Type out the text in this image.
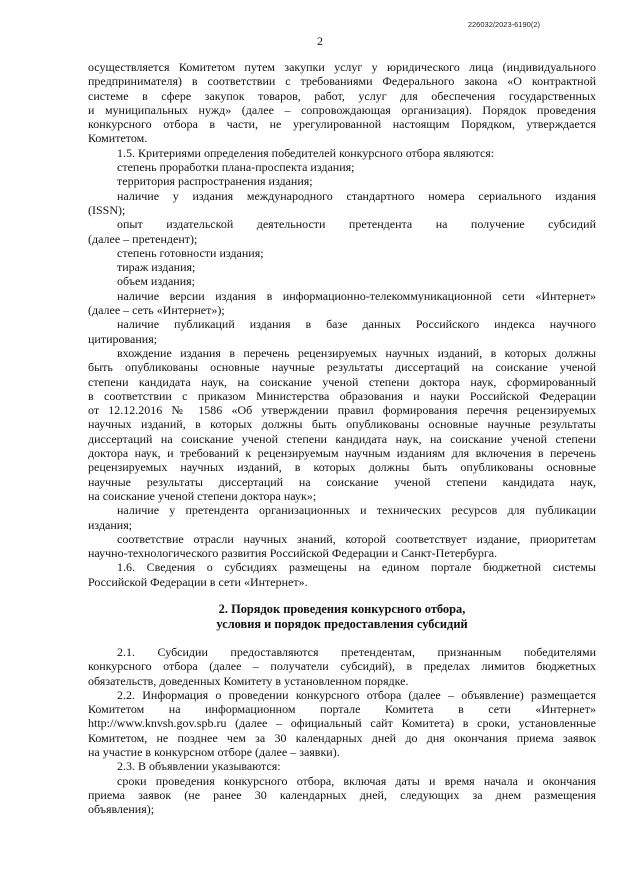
226032/2023-6190(2)
2

осуществляется Комитетом путем закупки услуг у юридического лица (индивидуального

предпринимателя) в соответствии с требованиями Федерального закона «О контрактной

системе в сфере закупок товаров, работ, услуг для обеспечения государственных

и муниципальных нужд» (далее – сопровождающая организация). Порядок проведения

конкурсного отбора в части, не урегулированной настоящим Порядком, утверждается

Комитетом.

1.5. Критериями определения победителей конкурсного отбора являются:

степень проработки плана-проспекта издания;

территория распространения издания;

наличие у издания международного стандартного номера сериального издания

(ISSN);

опыт издательской деятельности претендента на получение субсидий

(далее – претендент);

степень готовности издания;

тираж издания;

объем издания;

наличие версии издания в информационно-телекоммуникационной сети «Интернет»

(далее – сеть «Интернет»);

наличие публикаций издания в базе данных Российского индекса научного

цитирования;

вхождение издания в перечень рецензируемых научных изданий, в которых должны

быть опубликованы основные научные результаты диссертаций на соискание ученой

степени кандидата наук, на соискание ученой степени доктора наук, сформированный

в соответствии с приказом Министерства образования и науки Российской Федерации

от 12.12.2016 № 1586 «Об утверждении правил формирования перечня рецензируемых

научных изданий, в которых должны быть опубликованы основные научные результаты

диссертаций на соискание ученой степени кандидата наук, на соискание ученой степени

доктора наук, и требований к рецензируемым научным изданиям для включения в перечень

рецензируемых научных изданий, в которых должны быть опубликованы основные

научные результаты диссертаций на соискание ученой степени кандидата наук,

на соискание ученой степени доктора наук»;

наличие у претендента организационных и технических ресурсов для публикации

издания;

соответствие отрасли научных знаний, которой соответствует издание, приоритетам

научно-технологического развития Российской Федерации и Санкт-Петербурга.

1.6. Сведения о субсидиях размещены на едином портале бюджетной системы

Российской Федерации в сети «Интернет».

2. Порядок проведения конкурсного отбора,

условия и порядок предоставления субсидий

2.1. Субсидии предоставляются претендентам, признанным победителями

конкурсного отбора (далее – получатели субсидий), в пределах лимитов бюджетных

обязательств, доведенных Комитету в установленном порядке.

2.2. Информация о проведении конкурсного отбора (далее – объявление) размещается

Комитетом на информационном портале Комитета в сети «Интернет»

http://www.knvsh.gov.spb.ru (далее – официальный сайт Комитета) в сроки, установленные

Комитетом, не позднее чем за 30 календарных дней до дня окончания приема заявок

на участие в конкурсном отборе (далее – заявки).

2.3. В объявлении указываются:

сроки проведения конкурсного отбора, включая даты и время начала и окончания

приема заявок (не ранее 30 календарных дней, следующих за днем размещения

объявления);
